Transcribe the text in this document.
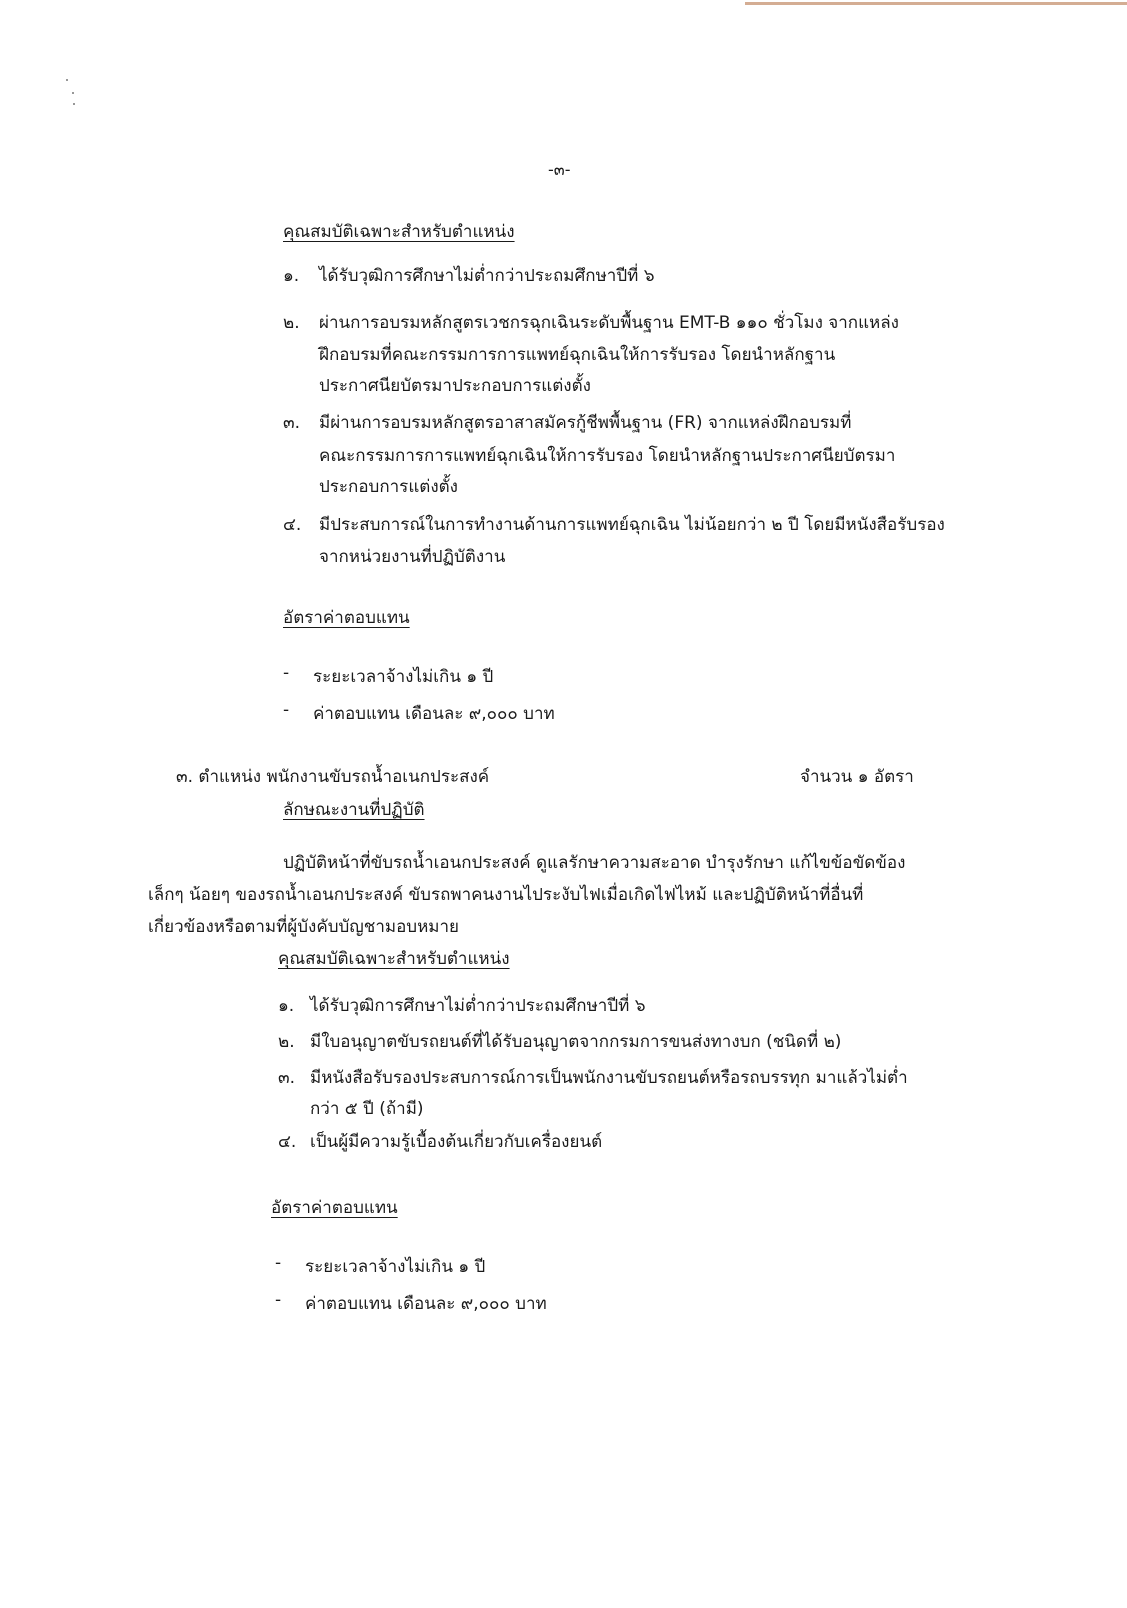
-๓-
คุณสมบัติเฉพาะสำหรับตำแหน่ง
๑. ได้รับวุฒิการศึกษาไม่ต่ำกว่าประถมศึกษาปีที่ ๖
๒. ผ่านการอบรมหลักสูตรเวชกรฉุกเฉินระดับพื้นฐาน EMT-B ๑๑๐ ชั่วโมง จากแหล่ง
ฝึกอบรมที่คณะกรรมการการแพทย์ฉุกเฉินให้การรับรอง โดยนำหลักฐาน
ประกาศนียบัตรมาประกอบการแต่งตั้ง
๓. มีผ่านการอบรมหลักสูตรอาสาสมัครกู้ชีพพื้นฐาน (FR) จากแหล่งฝึกอบรมที่
คณะกรรมการการแพทย์ฉุกเฉินให้การรับรอง โดยนำหลักฐานประกาศนียบัตรมา
ประกอบการแต่งตั้ง
๔. มีประสบการณ์ในการทำงานด้านการแพทย์ฉุกเฉิน ไม่น้อยกว่า ๒ ปี โดยมีหนังสือรับรอง
จากหน่วยงานที่ปฏิบัติงาน
อัตราค่าตอบแทน
- ระยะเวลาจ้างไม่เกิน ๑ ปี
- ค่าตอบแทน เดือนละ ๙,๐๐๐ บาท
๓. ตำแหน่ง พนักงานขับรถน้ำอเนกประสงค์	จำนวน ๑ อัตรา
ลักษณะงานที่ปฏิบัติ
ปฏิบัติหน้าที่ขับรถน้ำเอนกประสงค์ ดูแลรักษาความสะอาด บำรุงรักษา แก้ไขข้อขัดข้อง
เล็กๆ น้อยๆ ของรถน้ำเอนกประสงค์ ขับรถพาคนงานไประงับไฟเมื่อเกิดไฟไหม้ และปฏิบัติหน้าที่อื่นที่
เกี่ยวข้องหรือตามที่ผู้บังคับบัญชามอบหมาย
คุณสมบัติเฉพาะสำหรับตำแหน่ง
๑. ได้รับวุฒิการศึกษาไม่ต่ำกว่าประถมศึกษาปีที่ ๖
๒. มีใบอนุญาตขับรถยนต์ที่ได้รับอนุญาตจากกรมการขนส่งทางบก (ชนิดที่ ๒)
๓. มีหนังสือรับรองประสบการณ์การเป็นพนักงานขับรถยนต์หรือรถบรรทุก มาแล้วไม่ต่ำ
กว่า ๕ ปี (ถ้ามี)
๔. เป็นผู้มีความรู้เบื้องต้นเกี่ยวกับเครื่องยนต์
อัตราค่าตอบแทน
- ระยะเวลาจ้างไม่เกิน ๑ ปี
- ค่าตอบแทน เดือนละ ๙,๐๐๐ บาท
